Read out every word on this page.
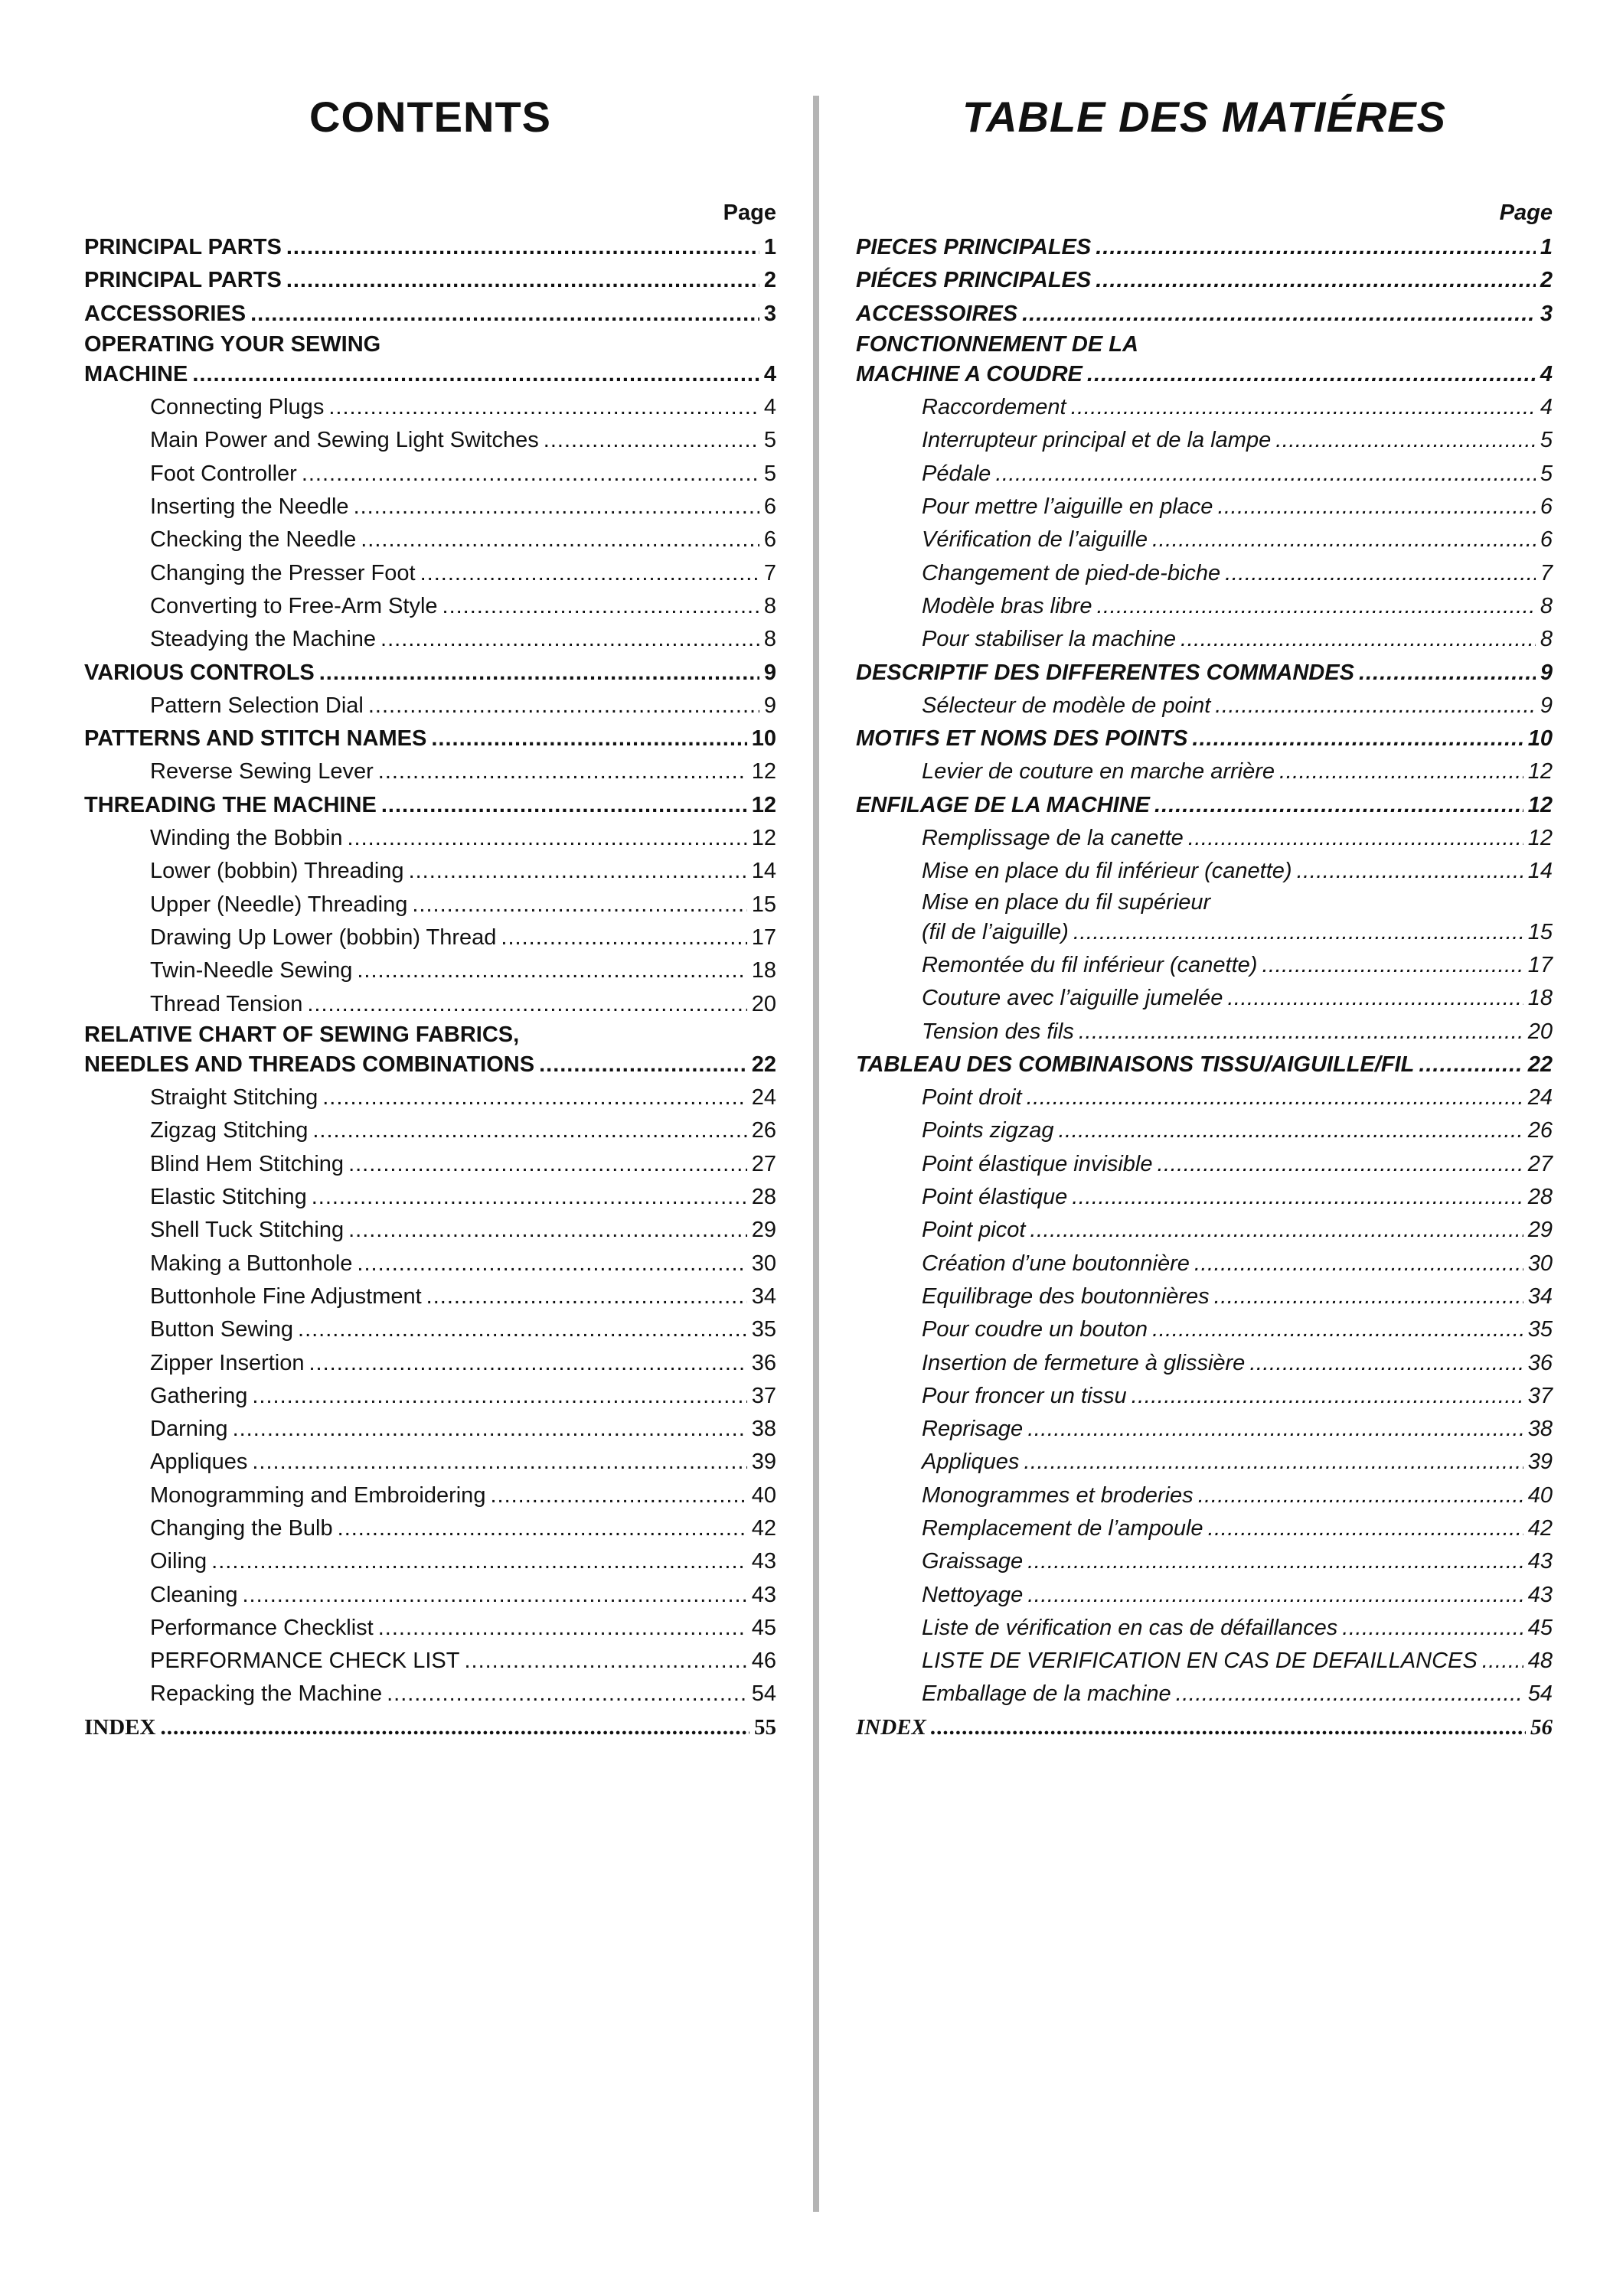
CONTENTS
Page
PRINCIPAL PARTS .....	1
PRINCIPAL PARTS .....	2
ACCESSORIES .....	3
OPERATING YOUR SEWING
MACHINE .....	4
Connecting Plugs .....	4
Main Power and Sewing Light Switches .....	5
Foot Controller .....	5
Inserting the Needle .....	6
Checking the Needle .....	6
Changing the Presser Foot .....	7
Converting to Free-Arm Style .....	8
Steadying the Machine .....	8
VARIOUS CONTROLS .....	9
Pattern Selection Dial .....	9
PATTERNS AND STITCH NAMES .....	10
Reverse Sewing Lever .....	12
THREADING THE MACHINE .....	12
Winding the Bobbin .....	12
Lower (bobbin) Threading .....	14
Upper (Needle) Threading .....	15
Drawing Up Lower (bobbin) Thread .....	17
Twin-Needle Sewing .....	18
Thread Tension .....	20
RELATIVE CHART OF SEWING FABRICS,
NEEDLES AND THREADS COMBINATIONS .....	22
Straight Stitching .....	24
Zigzag Stitching .....	26
Blind Hem Stitching .....	27
Elastic Stitching .....	28
Shell Tuck Stitching .....	29
Making a Buttonhole .....	30
Buttonhole Fine Adjustment .....	34
Button Sewing .....	35
Zipper Insertion .....	36
Gathering .....	37
Darning .....	38
Appliques .....	39
Monogramming and Embroidering .....	40
Changing the Bulb .....	42
Oiling .....	43
Cleaning .....	43
Performance Checklist .....	45
PERFORMANCE CHECK LIST .....	46
Repacking the Machine .....	54
INDEX .....	55
TABLE DES MATIÉRES
Page
PIECES PRINCIPALES .....	1
PIÉCES PRINCIPALES .....	2
ACCESSOIRES .....	3
FONCTIONNEMENT DE LA
MACHINE A COUDRE .....	4
Raccordement .....	4
Interrupteur principal et de la lampe .....	5
Pédale .....	5
Pour mettre l’aiguille en place .....	6
Vérification de l’aiguille .....	6
Changement de pied-de-biche .....	7
Modèle bras libre .....	8
Pour stabiliser la machine .....	8
DESCRIPTIF DES DIFFERENTES COMMANDES .....	9
Sélecteur de modèle de point .....	9
MOTIFS ET NOMS DES POINTS .....	10
Levier de couture en marche arrière .....	12
ENFILAGE DE LA MACHINE .....	12
Remplissage de la canette .....	12
Mise en place du fil inférieur (canette) .....	14
Mise en place du fil supérieur
(fil de l’aiguille) .....	15
Remontée du fil inférieur (canette) .....	17
Couture avec l’aiguille jumelée .....	18
Tension des fils .....	20
TABLEAU DES COMBINAISONS TISSU/AIGUILLE/FIL .....	22
Point droit .....	24
Points zigzag .....	26
Point élastique invisible .....	27
Point élastique .....	28
Point picot .....	29
Création d’une boutonnière .....	30
Equilibrage des boutonnières .....	34
Pour coudre un bouton .....	35
Insertion de fermeture à glissière .....	36
Pour froncer un tissu .....	37
Reprisage .....	38
Appliques .....	39
Monogrammes et broderies .....	40
Remplacement de l’ampoule .....	42
Graissage .....	43
Nettoyage .....	43
Liste de vérification en cas de défaillances .....	45
LISTE DE VERIFICATION EN CAS DE DEFAILLANCES ..... 48
Emballage de la machine .....	54
INDEX .....	56
